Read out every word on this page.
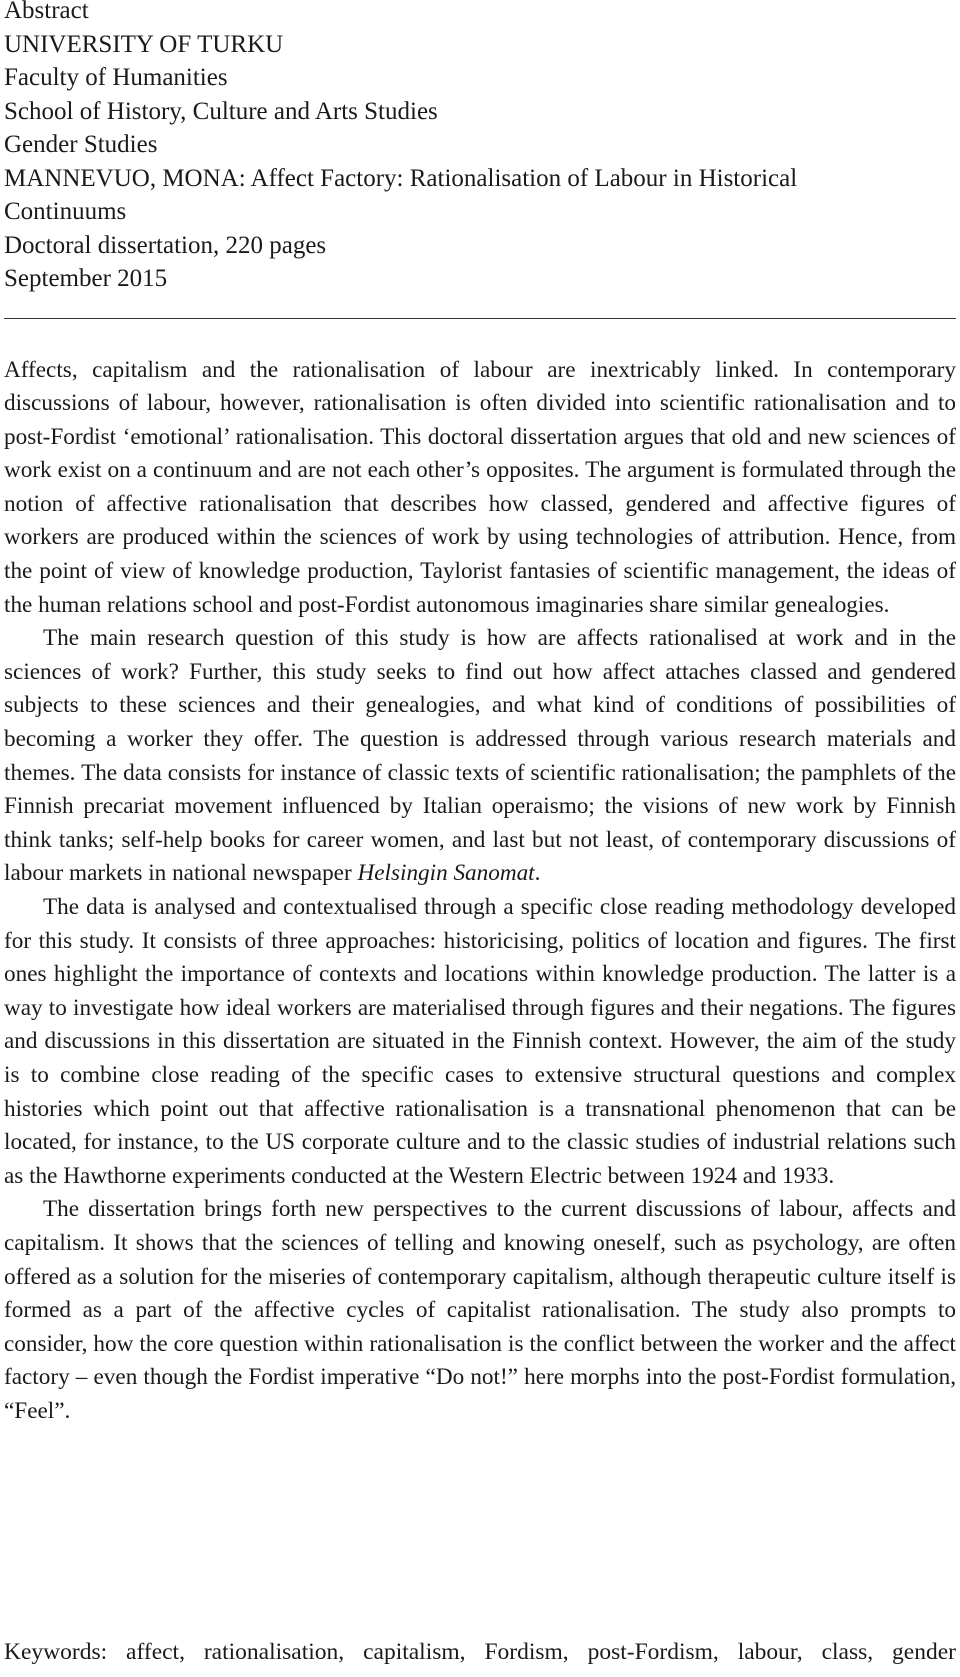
Abstract
UNIVERSITY OF TURKU
Faculty of Humanities
School of History, Culture and Arts Studies
Gender Studies
MANNEVUO, MONA: Affect Factory: Rationalisation of Labour in Historical
Continuums
Doctoral dissertation, 220 pages
September 2015

Affects, capitalism and the rationalisation of labour are inextricably linked. In contemporary discussions of labour, however, rationalisation is often divided into scientific rationalisation and to post-Fordist ‘emotional’ rationalisation. This doctoral dissertation argues that old and new sciences of work exist on a continuum and are not each other’s opposites. The argument is formulated through the notion of affective rationalisation that describes how classed, gendered and affective figures of workers are produced within the sciences of work by using technologies of attribution. Hence, from the point of view of knowledge production, Taylorist fantasies of scientific management, the ideas of the human relations school and post-Fordist autonomous imaginaries share similar genealogies.

The main research question of this study is how are affects rationalised at work and in the sciences of work? Further, this study seeks to find out how affect attaches classed and gendered subjects to these sciences and their genealogies, and what kind of conditions of possibilities of becoming a worker they offer. The question is addressed through various research materials and themes. The data consists for instance of classic texts of scientific rationalisation; the pamphlets of the Finnish precariat movement influenced by Italian operaismo; the visions of new work by Finnish think tanks; self-help books for career women, and last but not least, of contemporary discussions of labour markets in national newspaper Helsingin Sanomat.

The data is analysed and contextualised through a specific close reading methodology developed for this study. It consists of three approaches: historicising, politics of location and figures. The first ones highlight the importance of contexts and locations within knowledge production. The latter is a way to investigate how ideal workers are materialised through figures and their negations. The figures and discussions in this dissertation are situated in the Finnish context. However, the aim of the study is to combine close reading of the specific cases to extensive structural questions and complex histories which point out that affective rationalisation is a transnational phenomenon that can be located, for instance, to the US corporate culture and to the classic studies of industrial relations such as the Hawthorne experiments conducted at the Western Electric between 1924 and 1933.

The dissertation brings forth new perspectives to the current discussions of labour, affects and capitalism. It shows that the sciences of telling and knowing oneself, such as psychology, are often offered as a solution for the miseries of contemporary capitalism, although therapeutic culture itself is formed as a part of the affective cycles of capitalist rationalisation. The study also prompts to consider, how the core question within rationalisation is the conflict between the worker and the affect factory – even though the Fordist imperative “Do not!” here morphs into the post-Fordist formulation, “Feel”.

Keywords: affect, rationalisation, capitalism, Fordism, post-Fordism, labour, class, gender
